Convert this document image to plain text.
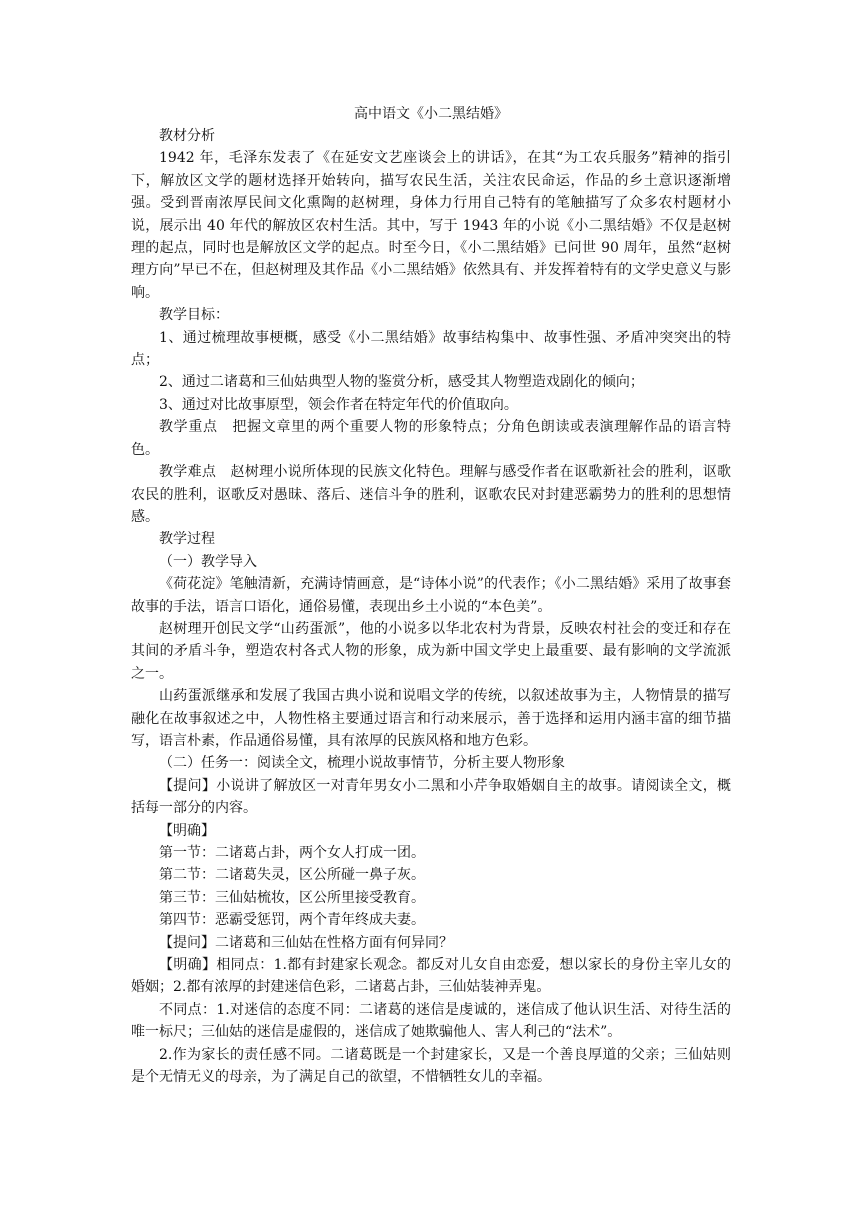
高中语文《小二黑结婚》

教材分析

1942 年，毛泽东发表了《在延安文艺座谈会上的讲话》，在其“为工农兵服务”精神的指引下，解放区文学的题材选择开始转向，描写农民生活，关注农民命运，作品的乡土意识逐渐增强。受到晋南浓厚民间文化熏陶的赵树理，身体力行用自己特有的笔触描写了众多农村题材小说，展示出 40 年代的解放区农村生活。其中，写于 1943 年的小说《小二黑结婚》不仅是赵树理的起点，同时也是解放区文学的起点。时至今日，《小二黑结婚》已问世 90 周年，虽然“赵树理方向”早已不在，但赵树理及其作品《小二黑结婚》依然具有、并发挥着特有的文学史意义与影响。

教学目标：

1、通过梳理故事梗概，感受《小二黑结婚》故事结构集中、故事性强、矛盾冲突突出的特点；

2、通过二诸葛和三仙姑典型人物的鉴赏分析，感受其人物塑造戏剧化的倾向；

3、通过对比故事原型，领会作者在特定年代的价值取向。

教学重点　把握文章里的两个重要人物的形象特点；分角色朗读或表演理解作品的语言特色。

教学难点　赵树理小说所体现的民族文化特色。理解与感受作者在讴歌新社会的胜利，讴歌农民的胜利，讴歌反对愚昧、落后、迷信斗争的胜利，讴歌农民对封建恶霸势力的胜利的思想情感。

教学过程

（一）教学导入

《荷花淀》笔触清新，充满诗情画意，是“诗体小说”的代表作；《小二黑结婚》采用了故事套故事的手法，语言口语化，通俗易懂，表现出乡土小说的“本色美”。

赵树理开创民文学“山药蛋派”，他的小说多以华北农村为背景，反映农村社会的变迁和存在其间的矛盾斗争，塑造农村各式人物的形象，成为新中国文学史上最重要、最有影响的文学流派之一。

山药蛋派继承和发展了我国古典小说和说唱文学的传统，以叙述故事为主，人物情景的描写融化在故事叙述之中，人物性格主要通过语言和行动来展示，善于选择和运用内涵丰富的细节描写，语言朴素，作品通俗易懂，具有浓厚的民族风格和地方色彩。

（二）任务一：阅读全文，梳理小说故事情节，分析主要人物形象

【提问】小说讲了解放区一对青年男女小二黑和小芹争取婚姻自主的故事。请阅读全文，概括每一部分的内容。

【明确】

第一节：二诸葛占卦，两个女人打成一团。

第二节：二诸葛失灵，区公所碰一鼻子灰。

第三节：三仙姑梳妆，区公所里接受教育。

第四节：恶霸受惩罚，两个青年终成夫妻。

【提问】二诸葛和三仙姑在性格方面有何异同？

【明确】相同点：1.都有封建家长观念。都反对儿女自由恋爱，想以家长的身份主宰儿女的婚姻；2.都有浓厚的封建迷信色彩，二诸葛占卦，三仙姑装神弄鬼。

不同点：1.对迷信的态度不同：二诸葛的迷信是虔诚的，迷信成了他认识生活、对待生活的唯一标尺；三仙姑的迷信是虚假的，迷信成了她欺骗他人、害人利己的“法术”。

2.作为家长的责任感不同。二诸葛既是一个封建家长，又是一个善良厚道的父亲；三仙姑则是个无情无义的母亲，为了满足自己的欲望，不惜牺牲女儿的幸福。
